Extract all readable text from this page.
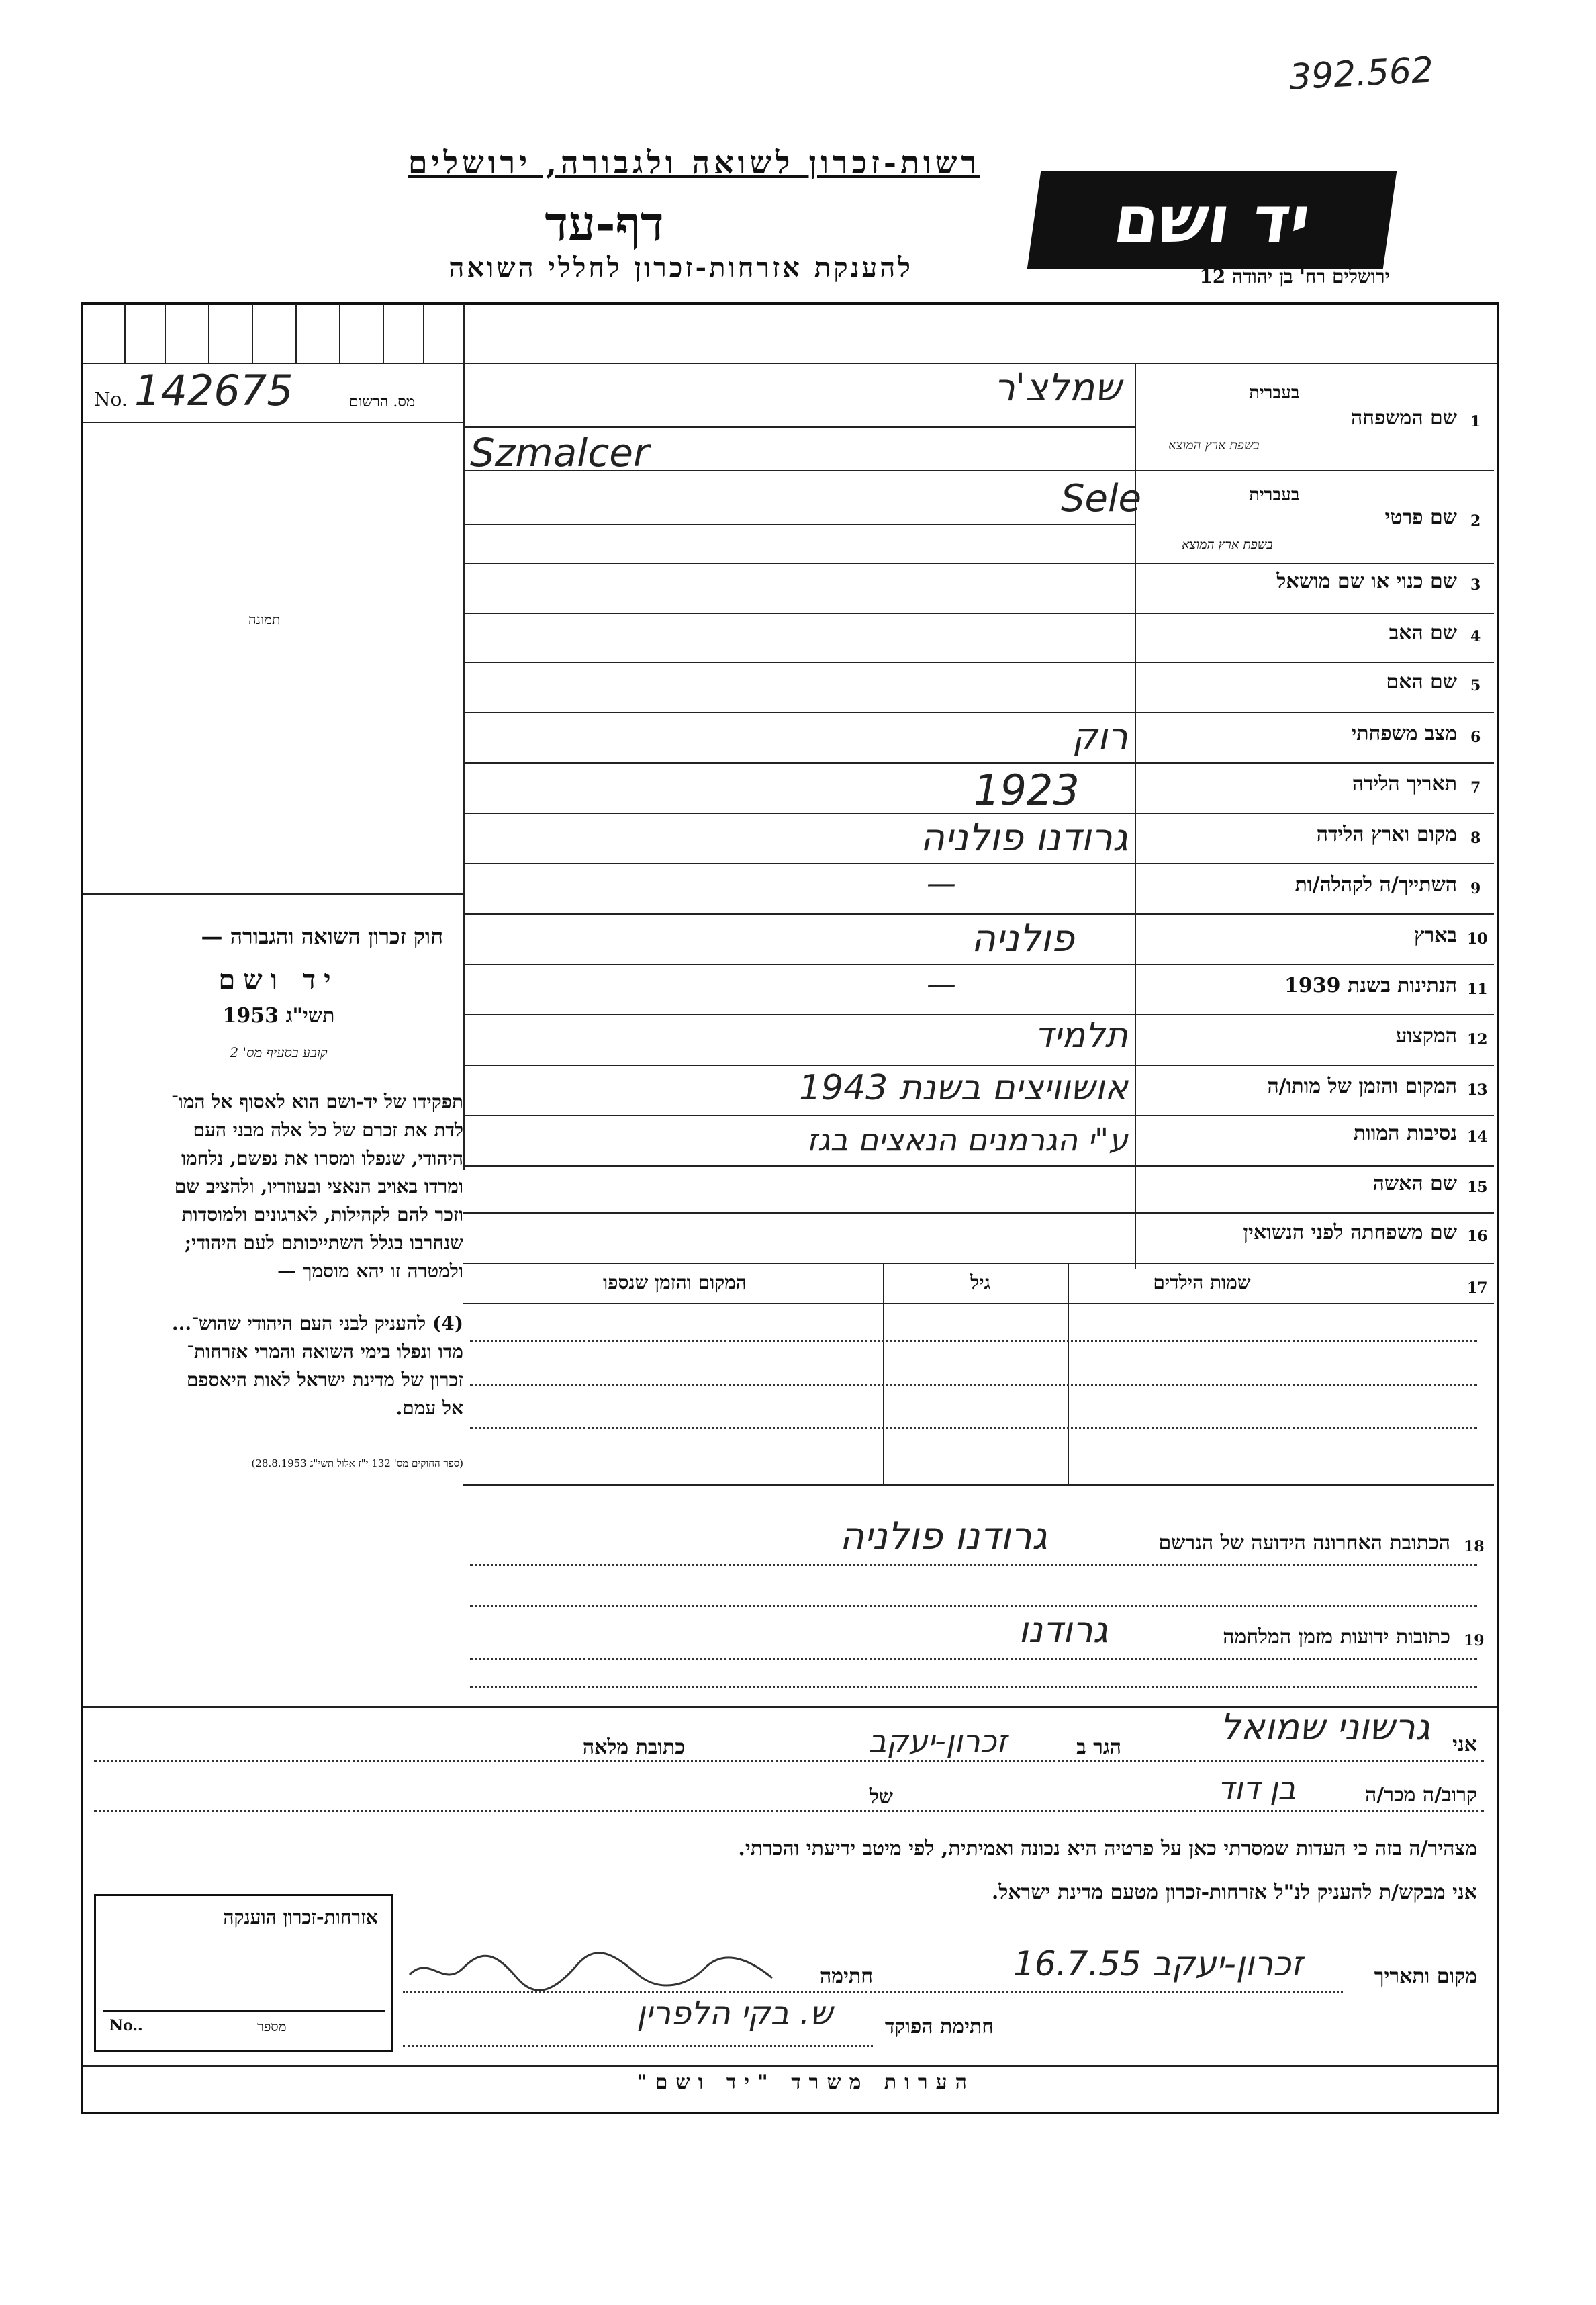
392.562
רשות-זכרון לשואה ולגבורה, ירושלים
דף-עד
להענקת אזרחות-זכרון לחללי השואה
יד ושם
ירושלים רח' בן יהודה 12
No. 142675	מס. הרשום
תמונה
שם המשפחה 1
בעברית
בשפת ארץ המוצא
שמלצ'ר
Szmalcer
שם פרטי 2
בעברית
בשפת ארץ המוצא
Sele
שם כנוי או שם מושאל 3
שם האב 4
שם האם 5
מצב משפחתי 6
רוק
תאריך הלידה 7
1923
מקום וארץ הלידה 8
גרודנו פולניה
השתייך/ה לקהלה/ות 9
—
בארץ 10
פולניה
הנתינות בשנת 1939 11
—
המקצוע 12
תלמיד
המקום והזמן של מותו/ה 13
אושוויצים בשנת 1943
נסיבות המוות 14
ע"י הגרמנים הנאצים בגז
שם האשה 15
שם משפחתה לפני הנשואין 16
חוק זכרון השואה והגבורה —
יד ושם
תשי"ג 1953
קובע בסעיף מס' 2
תפקידו של יד-ושם הוא לאסוף אל המו־
לדת את זכרם של כל אלה מבני העם
היהודי, שנפלו ומסרו את נפשם, נלחמו
ומרדו באויב הנאצי ובעוזריו, ולהציב שם
וזכר להם לקהילות, לארגונים ולמוסדות
שנחרבו בגלל השתייכותם לעם היהודי;
ולמטרה זו יהא מוסמך —
(4) להעניק לבני העם היהודי שהוש־...
מדו ונפלו בימי השואה והמרי אזרחות־
זכרון של מדינת ישראל לאות היאספם
אל עמם.
(ספר החוקים מס' 132 י"ז אלול תשי"ג 28.8.1953)
שמות הילדים	17
גיל
המקום והזמן שנספו
הכתובת האחרונה הידועה של הנרשם 18
גרודנו פולניה
כתובות ידועות מזמן המלחמה 19
גרודנו
אני
גרשוני שמואל
הגר ב
זכרון-יעקב
כתובת מלאה
קרוב/ה מכר/ה
בן דוד
של
מצהיר/ה בזה כי העדות שמסרתי כאן על פרטיה היא נכונה ואמיתית, לפי מיטב ידיעתי והכרתי.
אני מבקש/ת להעניק לנ"ל אזרחות-זכרון מטעם מדינת ישראל.
מקום ותאריך
זכרון-יעקב 16.7.55
חתימה
חתימת הפוקד
ש. בקי הלפרין
אזרחות-זכרון הוענקה
No..	מספר
הערות משרד "יד ושם"
